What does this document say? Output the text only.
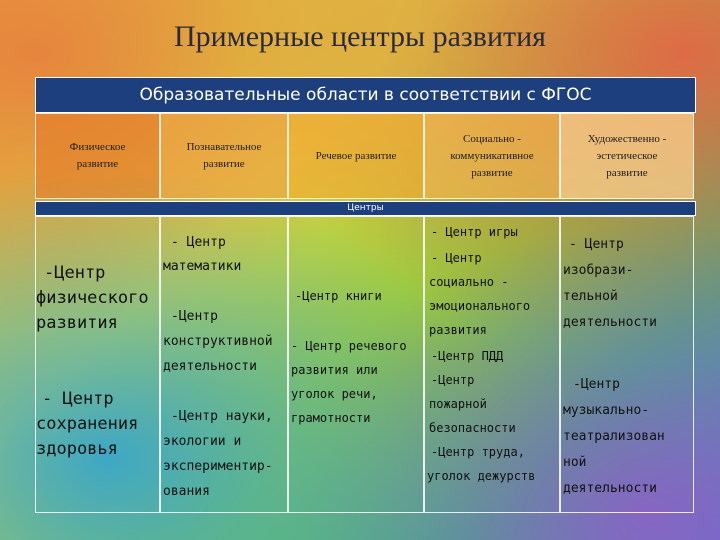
Примерные центры развития
Образовательные области в соответствии с ФГОС
Физическое
развитие
Познавательное
развитие
Речевое развитие
Социально -
коммуникативное
развитие
Художественно -
эстетическое
развитие
Центры
-Центр
физического
развития
- Центр
сохранения
здоровья
- Центр
математики
-Центр
конструктивной
деятельности
-Центр науки,
экологии и
экспериментир-
ования
-Центр книги
- Центр речевого
развития или
уголок речи,
грамотности
- Центр игры
- Центр
социально -
эмоционального
развития
-Центр ПДД
-Центр
пожарной
безопасности
-Центр труда,
уголок дежурств
- Центр
изобрази-
тельной
деятельности
-Центр
музыкально-
театрализован
ной
деятельности
